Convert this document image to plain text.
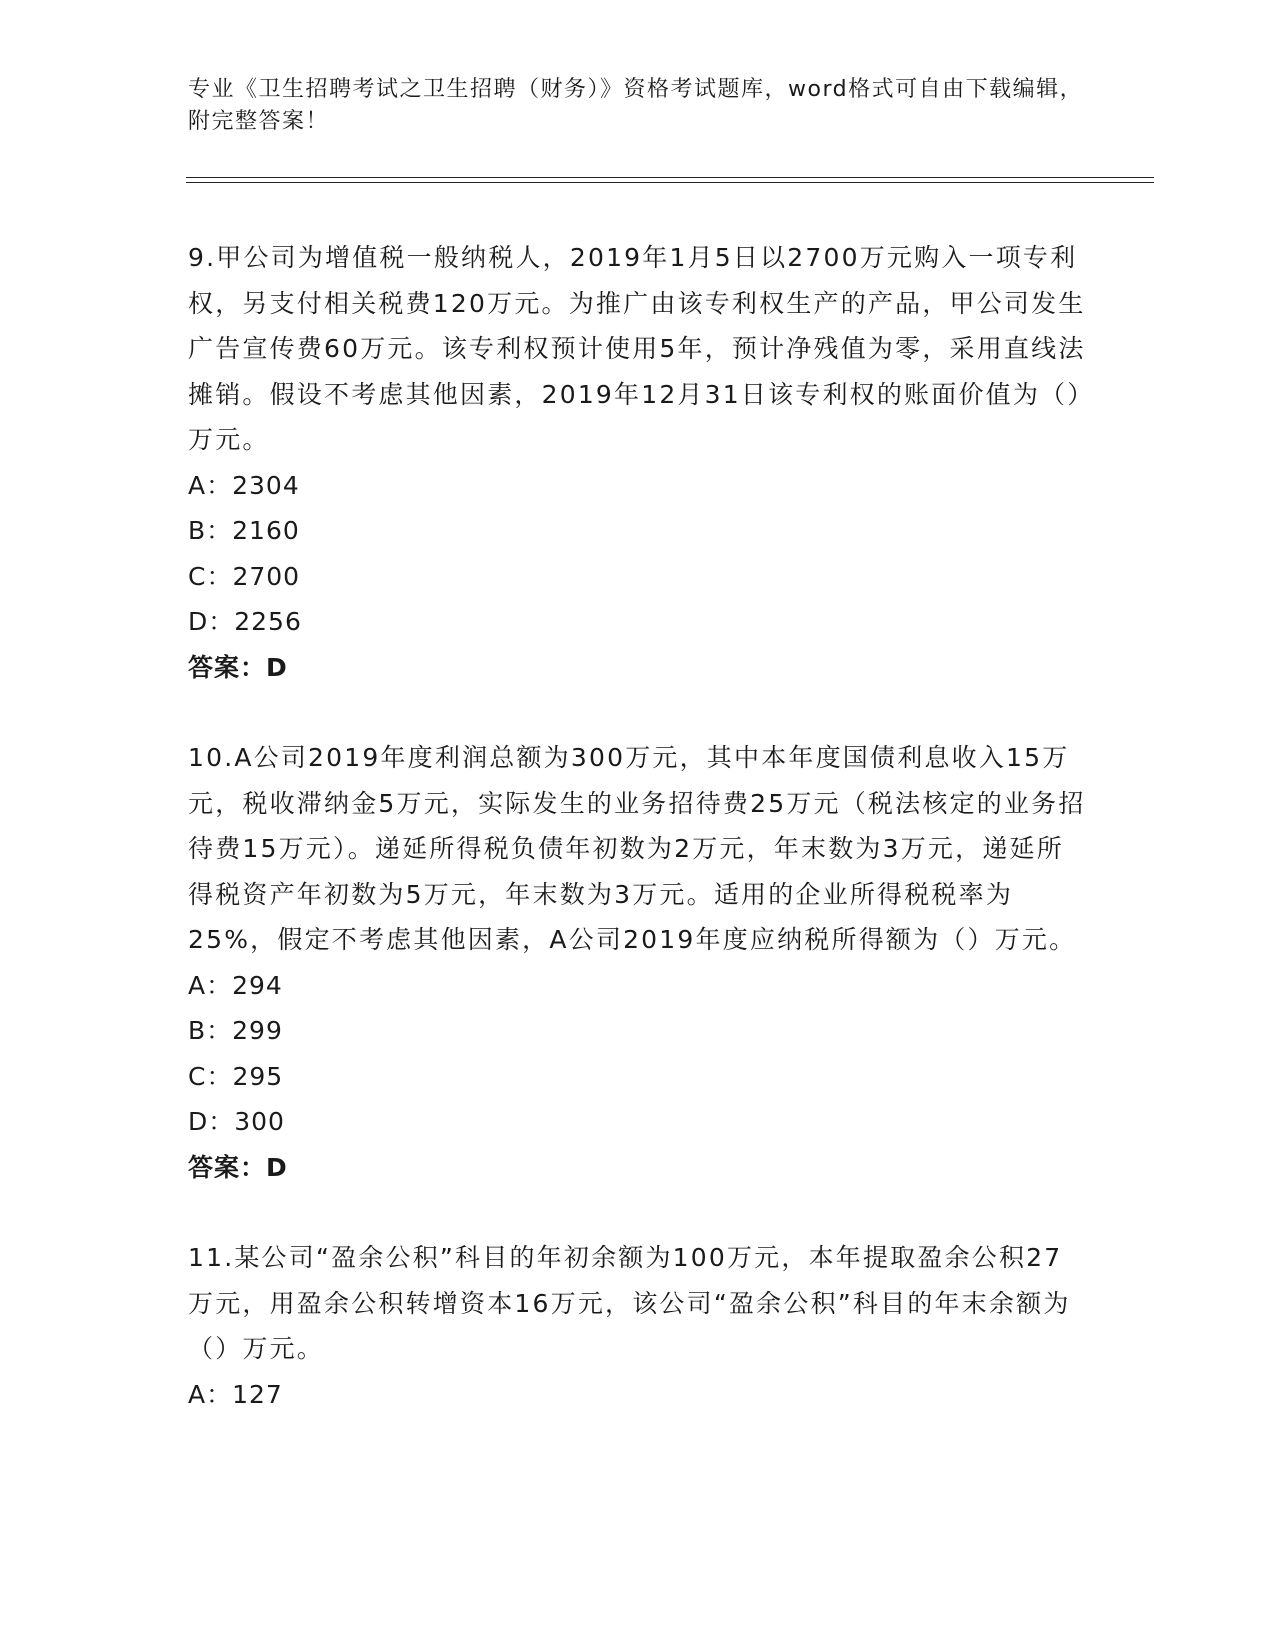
专业《卫生招聘考试之卫生招聘（财务）》资格考试题库，word格式可自由下载编辑，附完整答案！
9.甲公司为增值税一般纳税人，2019年1月5日以2700万元购入一项专利权，另支付相关税费120万元。为推广由该专利权生产的产品，甲公司发生广告宣传费60万元。该专利权预计使用5年，预计净残值为零，采用直线法摊销。假设不考虑其他因素，2019年12月31日该专利权的账面价值为（）万元。
A：2304
B：2160
C：2700
D：2256
答案：D
10.A公司2019年度利润总额为300万元，其中本年度国债利息收入15万元，税收滞纳金5万元，实际发生的业务招待费25万元（税法核定的业务招待费15万元）。递延所得税负债年初数为2万元，年末数为3万元，递延所得税资产年初数为5万元，年末数为3万元。适用的企业所得税税率为25%，假定不考虑其他因素，A公司2019年度应纳税所得额为（）万元。
A：294
B：299
C：295
D：300
答案：D
11.某公司“盈余公积”科目的年初余额为100万元，本年提取盈余公积27万元，用盈余公积转增资本16万元，该公司“盈余公积”科目的年末余额为（）万元。
A：127
